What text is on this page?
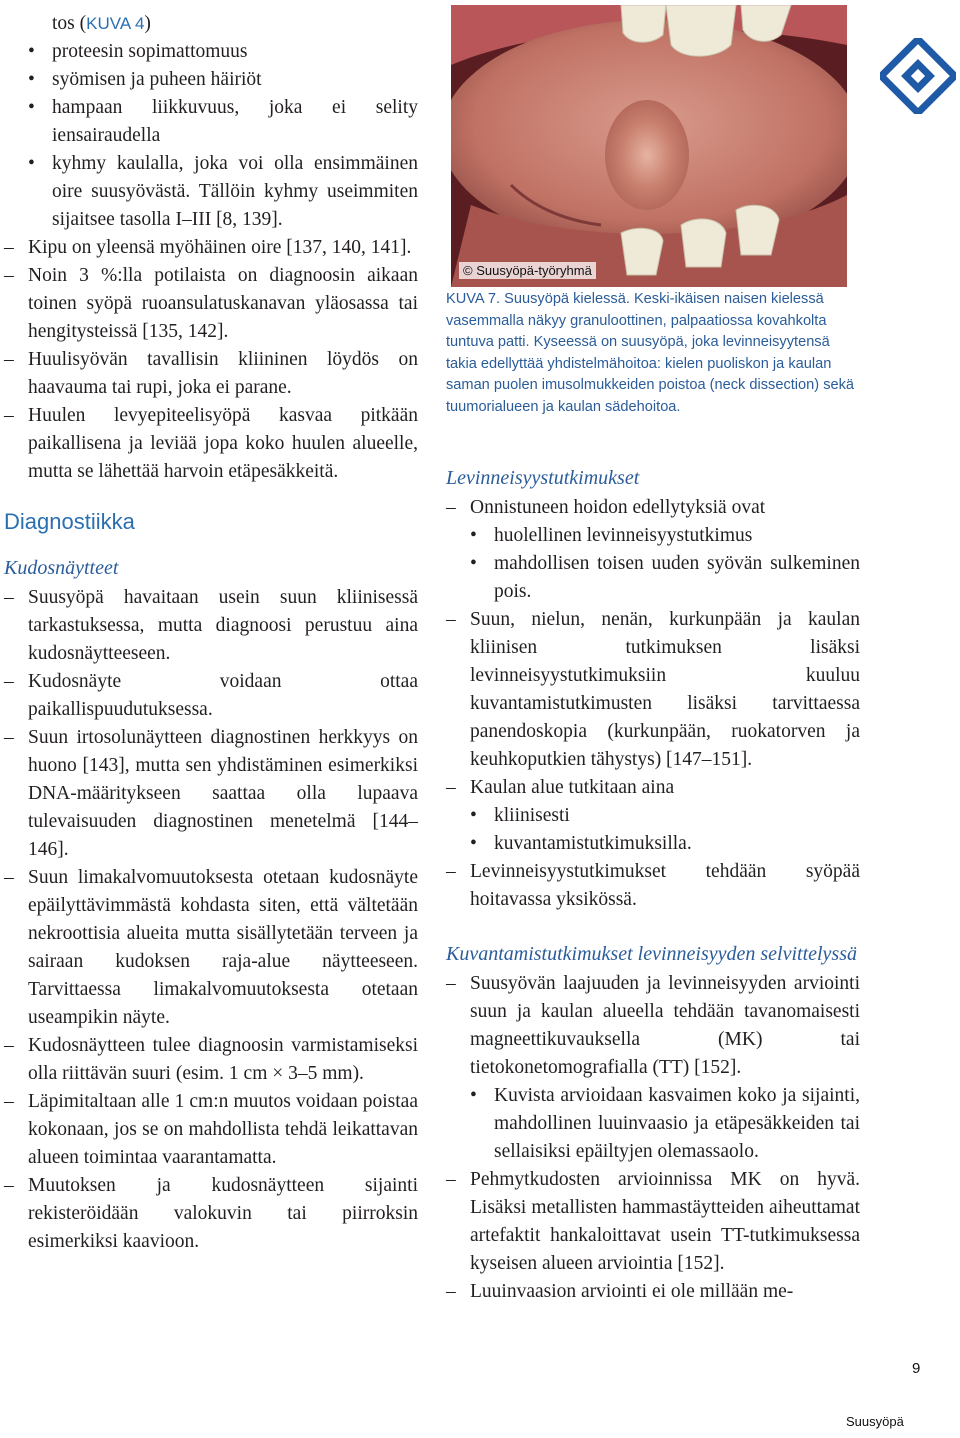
tos (KUVA 4)
• proteesin sopimattomuus
• syömisen ja puheen häiriöt
• hampaan liikkuvuus, joka ei selity iensairaudella
• kyhmy kaulalla, joka voi olla ensimmäinen oire suusyövästä. Tällöin kyhmy useimmiten sijaitsee tasolla I–III [8, 139].
– Kipu on yleensä myöhäinen oire [137, 140, 141].
– Noin 3 %:lla potilaista on diagnoosin aikaan toinen syöpä ruoansulatuskanavan yläosassa tai hengitysteissä [135, 142].
– Huulisyövän tavallisin kliininen löydös on haavauma tai rupi, joka ei parane.
– Huulen levyepiteelisyöpä kasvaa pitkään paikallisena ja leviää jopa koko huulen alueelle, mutta se lähettää harvoin etäpesäkkeitä.
Diagnostiikka
Kudosnäytteet
– Suusyöpä havaitaan usein suun kliinisessä tarkastuksessa, mutta diagnoosi perustuu aina kudosnäytteeseen.
– Kudosnäyte voidaan ottaa paikallispuudutuksessa.
– Suun irtosolunäytteen diagnostinen herkkyys on huono [143], mutta sen yhdistäminen esimerkiksi DNA-määritykseen saattaa olla lupaava tulevaisuuden diagnostinen menetelmä [144–146].
– Suun limakalvomuutoksesta otetaan kudosnäyte epäilyttävimmästä kohdasta siten, että vältetään nekroottisia alueita mutta sisällytetään terveen ja sairaan kudoksen raja-alue näytteeseen. Tarvittaessa limakalvomuutoksesta otetaan useampikin näyte.
– Kudosnäytteen tulee diagnoosin varmistamiseksi olla riittävän suuri (esim. 1 cm × 3–5 mm).
– Läpimitaltaan alle 1 cm:n muutos voidaan poistaa kokonaan, jos se on mahdollista tehdä leikattavan alueen toimintaa vaarantamatta.
– Muutoksen ja kudosnäytteen sijainti rekisteröidään valokuvin tai piirroksin esimerkiksi kaavioon.
© Suusyöpä-työryhmä
KUVA 7. Suusyöpä kielessä. Keski-ikäisen naisen kielessä vasemmalla näkyy granuloottinen, palpaatiossa kovahkolta tuntuva patti. Kyseessä on suusyöpä, joka levinneisyytensä takia edellyttää yhdistelmähoitoa: kielen puoliskon ja kaulan saman puolen imusolmukkeiden poistoa (neck dissection) sekä tuumorialueen ja kaulan sädehoitoa.
Levinneisyystutkimukset
– Onnistuneen hoidon edellytyksiä ovat
• huolellinen levinneisyystutkimus
• mahdollisen toisen uuden syövän sulkeminen pois.
– Suun, nielun, nenän, kurkunpään ja kaulan kliinisen tutkimuksen lisäksi levinneisyystutkimuksiin kuuluu kuvantamistutkimusten lisäksi tarvittaessa panendoskopia (kurkunpään, ruokatorven ja keuhkoputkien tähystys) [147–151].
– Kaulan alue tutkitaan aina
• kliinisesti
• kuvantamistutkimuksilla.
– Levinneisyystutkimukset tehdään syöpää hoitavassa yksikössä.
Kuvantamistutkimukset levinneisyyden selvittelyssä
– Suusyövän laajuuden ja levinneisyyden arviointi suun ja kaulan alueella tehdään tavanomaisesti magneettikuvauksella (MK) tai tietokonetomografialla (TT) [152].
• Kuvista arvioidaan kasvaimen koko ja sijainti, mahdollinen luuinvaasio ja etäpesäkkeiden tai sellaisiksi epäiltyjen olemassaolo.
– Pehmytkudosten arvioinnissa MK on hyvä. Lisäksi metallisten hammastäytteiden aiheuttamat artefaktit hankaloittavat usein TT-tutkimuksessa kyseisen alueen arviointia [152].
– Luuinvaasion arviointi ei ole millään me-
9
Suusyöpä
